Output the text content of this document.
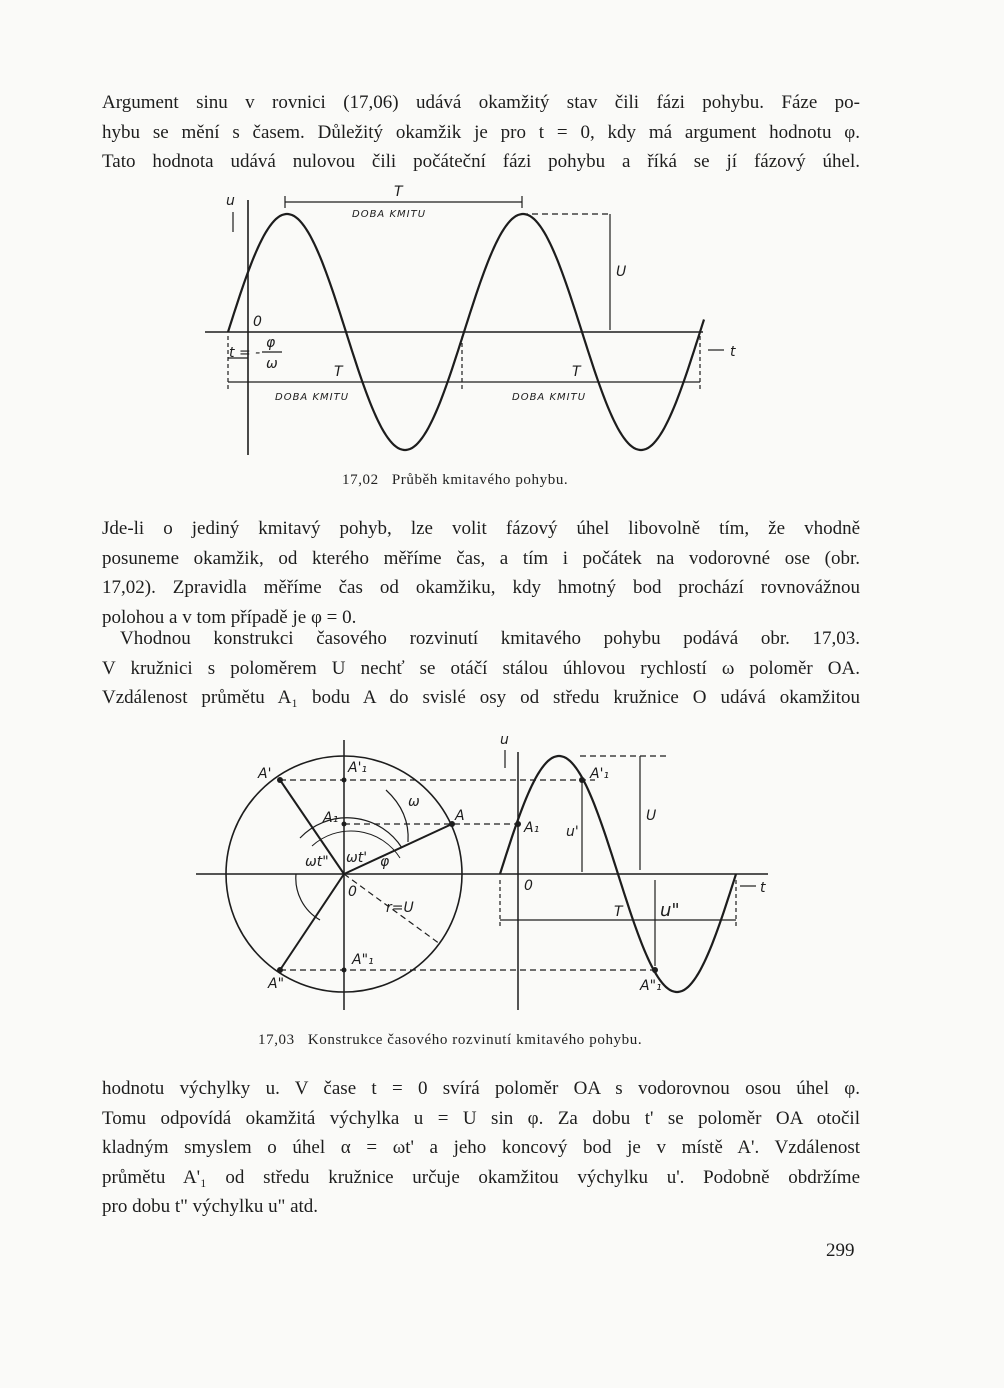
Argument sinu v rovnici (17,06) udává okamžitý stav čili fázi pohybu. Fáze po-
hybu se mění s časem. Důležitý okamžik je pro t = 0, kdy má argument hodnotu φ.
Tato hodnota udává nulovou čili počáteční fázi pohybu a říká se jí fázový úhel.
u
T
DOBA KMITU
U
0
t = -
φ
ω	T
DOBA KMITU
T
DOBA KMITU
t
17,02 Průběh kmitavého pohybu.
Jde-li o jediný kmitavý pohyb, lze volit fázový úhel libovolně tím, že vhodně
posuneme okamžik, od kterého měříme čas, a tím i počátek na vodorovné ose (obr.
17,02). Zpravidla měříme čas od okamžiku, kdy hmotný bod prochází rovnovážnou
polohou a v tom případě je φ = 0.
Vhodnou konstrukci časového rozvinutí kmitavého pohybu podává obr. 17,03.
V kružnici s poloměrem U nechť se otáčí stálou úhlovou rychlostí ω poloměr OA.
Vzdálenost průmětu A₁ bodu A do svislé osy od středu kružnice O udává okamžitou
A'	A'₁
A₁	A
ω
ωt" ωt' φ
r=U
0
A"₁
A"
u
A₁
A'₁
u'
U
0
T u"
t
A"₁
17,03 Konstrukce časového rozvinutí kmitavého pohybu.
hodnotu výchylky u. V čase t = 0 svírá poloměr OA s vodorovnou osou úhel φ.
Tomu odpovídá okamžitá výchylka u = U sin φ. Za dobu t' se poloměr OA otočil
kladným smyslem o úhel α = ωt' a jeho koncový bod je v místě A'. Vzdálenost
průmětu A'₁ od středu kružnice určuje okamžitou výchylku u'. Podobně obdržíme
pro dobu t" výchylku u" atd.
299
